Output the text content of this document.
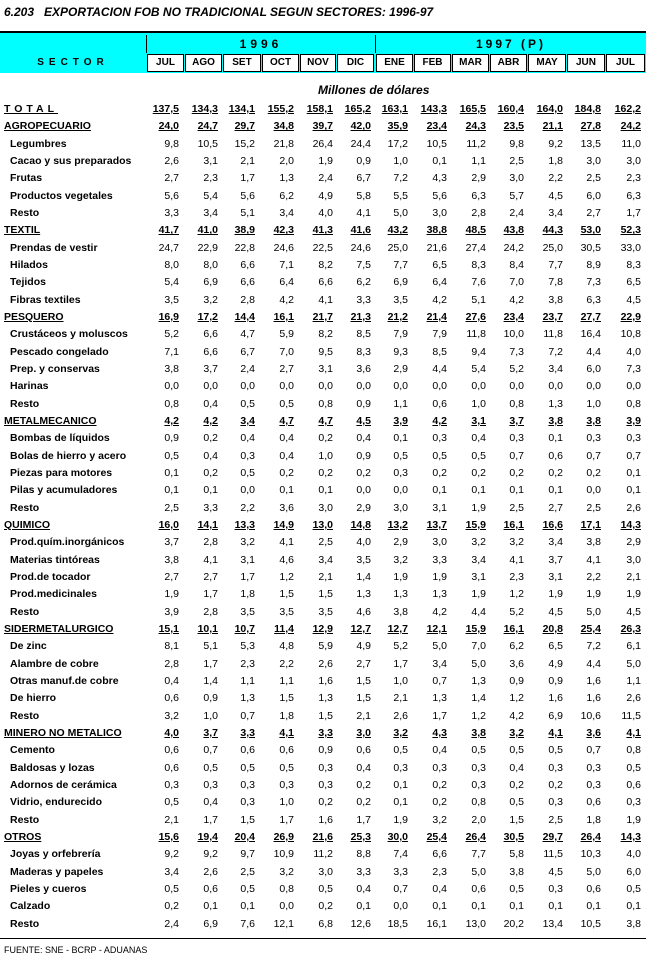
6.203 EXPORTACION FOB NO TRADICIONAL SEGUN SECTORES: 1996-97
SECTOR
1996	1997 (P)
JUL	AGO	SET	OCT	NOV	DIC	ENE	FEB	MAR	ABR	MAY	JUN	JUL
Millones de dólares
TOTAL	137,5	134,3	134,1	155,2	158,1	165,2	163,1	143,3	165,5	160,4	164,0	184,8	162,2
AGROPECUARIO	24,0	24,7	29,7	34,8	39,7	42,0	35,9	23,4	24,3	23,5	21,1	27,8	24,2
Legumbres	9,8	10,5	15,2	21,8	26,4	24,4	17,2	10,5	11,2	9,8	9,2	13,5	11,0
Cacao y sus preparados	2,6	3,1	2,1	2,0	1,9	0,9	1,0	0,1	1,1	2,5	1,8	3,0	3,0
Frutas	2,7	2,3	1,7	1,3	2,4	6,7	7,2	4,3	2,9	3,0	2,2	2,5	2,3
Productos vegetales	5,6	5,4	5,6	6,2	4,9	5,8	5,5	5,6	6,3	5,7	4,5	6,0	6,3
Resto	3,3	3,4	5,1	3,4	4,0	4,1	5,0	3,0	2,8	2,4	3,4	2,7	1,7
TEXTIL	41,7	41,0	38,9	42,3	41,3	41,6	43,2	38,8	48,5	43,8	44,3	53,0	52,3
Prendas de vestir	24,7	22,9	22,8	24,6	22,5	24,6	25,0	21,6	27,4	24,2	25,0	30,5	33,0
Hilados	8,0	8,0	6,6	7,1	8,2	7,5	7,7	6,5	8,3	8,4	7,7	8,9	8,3
Tejidos	5,4	6,9	6,6	6,4	6,6	6,2	6,9	6,4	7,6	7,0	7,8	7,3	6,5
Fibras textiles	3,5	3,2	2,8	4,2	4,1	3,3	3,5	4,2	5,1	4,2	3,8	6,3	4,5
PESQUERO	16,9	17,2	14,4	16,1	21,7	21,3	21,2	21,4	27,6	23,4	23,7	27,7	22,9
Crustáceos y moluscos	5,2	6,6	4,7	5,9	8,2	8,5	7,9	7,9	11,8	10,0	11,8	16,4	10,8
Pescado congelado	7,1	6,6	6,7	7,0	9,5	8,3	9,3	8,5	9,4	7,3	7,2	4,4	4,0
Prep. y conservas	3,8	3,7	2,4	2,7	3,1	3,6	2,9	4,4	5,4	5,2	3,4	6,0	7,3
Harinas	0,0	0,0	0,0	0,0	0,0	0,0	0,0	0,0	0,0	0,0	0,0	0,0	0,0
Resto	0,8	0,4	0,5	0,5	0,8	0,9	1,1	0,6	1,0	0,8	1,3	1,0	0,8
METALMECANICO	4,2	4,2	3,4	4,7	4,7	4,5	3,9	4,2	3,1	3,7	3,8	3,8	3,9
Bombas de líquidos	0,9	0,2	0,4	0,4	0,2	0,4	0,1	0,3	0,4	0,3	0,1	0,3	0,3
Bolas de hierro y acero	0,5	0,4	0,3	0,4	1,0	0,9	0,5	0,5	0,5	0,7	0,6	0,7	0,7
Piezas para motores	0,1	0,2	0,5	0,2	0,2	0,2	0,3	0,2	0,2	0,2	0,2	0,2	0,1
Pilas y acumuladores	0,1	0,1	0,0	0,1	0,1	0,0	0,0	0,1	0,1	0,1	0,1	0,0	0,1
Resto	2,5	3,3	2,2	3,6	3,0	2,9	3,0	3,1	1,9	2,5	2,7	2,5	2,6
QUIMICO	16,0	14,1	13,3	14,9	13,0	14,8	13,2	13,7	15,9	16,1	16,6	17,1	14,3
Prod.quím.inorgánicos	3,7	2,8	3,2	4,1	2,5	4,0	2,9	3,0	3,2	3,2	3,4	3,8	2,9
Materias tintóreas	3,8	4,1	3,1	4,6	3,4	3,5	3,2	3,3	3,4	4,1	3,7	4,1	3,0
Prod.de tocador	2,7	2,7	1,7	1,2	2,1	1,4	1,9	1,9	3,1	2,3	3,1	2,2	2,1
Prod.medicinales	1,9	1,7	1,8	1,5	1,5	1,3	1,3	1,3	1,9	1,2	1,9	1,9	1,9
Resto	3,9	2,8	3,5	3,5	3,5	4,6	3,8	4,2	4,4	5,2	4,5	5,0	4,5
SIDERMETALURGICO	15,1	10,1	10,7	11,4	12,9	12,7	12,7	12,1	15,9	16,1	20,8	25,4	26,3
De zinc	8,1	5,1	5,3	4,8	5,9	4,9	5,2	5,0	7,0	6,2	6,5	7,2	6,1
Alambre de cobre	2,8	1,7	2,3	2,2	2,6	2,7	1,7	3,4	5,0	3,6	4,9	4,4	5,0
Otras manuf.de cobre	0,4	1,4	1,1	1,1	1,6	1,5	1,0	0,7	1,3	0,9	0,9	1,6	1,1
De hierro	0,6	0,9	1,3	1,5	1,3	1,5	2,1	1,3	1,4	1,2	1,6	1,6	2,6
Resto	3,2	1,0	0,7	1,8	1,5	2,1	2,6	1,7	1,2	4,2	6,9	10,6	11,5
MINERO NO METALICO	4,0	3,7	3,3	4,1	3,3	3,0	3,2	4,3	3,8	3,2	4,1	3,6	4,1
Cemento	0,6	0,7	0,6	0,6	0,9	0,6	0,5	0,4	0,5	0,5	0,5	0,7	0,8
Baldosas y lozas	0,6	0,5	0,5	0,5	0,3	0,4	0,3	0,3	0,3	0,4	0,3	0,3	0,5
Adornos de cerámica	0,3	0,3	0,3	0,3	0,3	0,2	0,1	0,2	0,3	0,2	0,2	0,3	0,6
Vidrio, endurecido	0,5	0,4	0,3	1,0	0,2	0,2	0,1	0,2	0,8	0,5	0,3	0,6	0,3
Resto	2,1	1,7	1,5	1,7	1,6	1,7	1,9	3,2	2,0	1,5	2,5	1,8	1,9
OTROS	15,6	19,4	20,4	26,9	21,6	25,3	30,0	25,4	26,4	30,5	29,7	26,4	14,3
Joyas y orfebrería	9,2	9,2	9,7	10,9	11,2	8,8	7,4	6,6	7,7	5,8	11,5	10,3	4,0
Maderas y papeles	3,4	2,6	2,5	3,2	3,0	3,3	3,3	2,3	5,0	3,8	4,5	5,0	6,0
Pieles y cueros	0,5	0,6	0,5	0,8	0,5	0,4	0,7	0,4	0,6	0,5	0,3	0,6	0,5
Calzado	0,2	0,1	0,1	0,0	0,2	0,1	0,0	0,1	0,1	0,1	0,1	0,1	0,1
Resto	2,4	6,9	7,6	12,1	6,8	12,6	18,5	16,1	13,0	20,2	13,4	10,5	3,8
FUENTE: SNE - BCRP - ADUANAS
